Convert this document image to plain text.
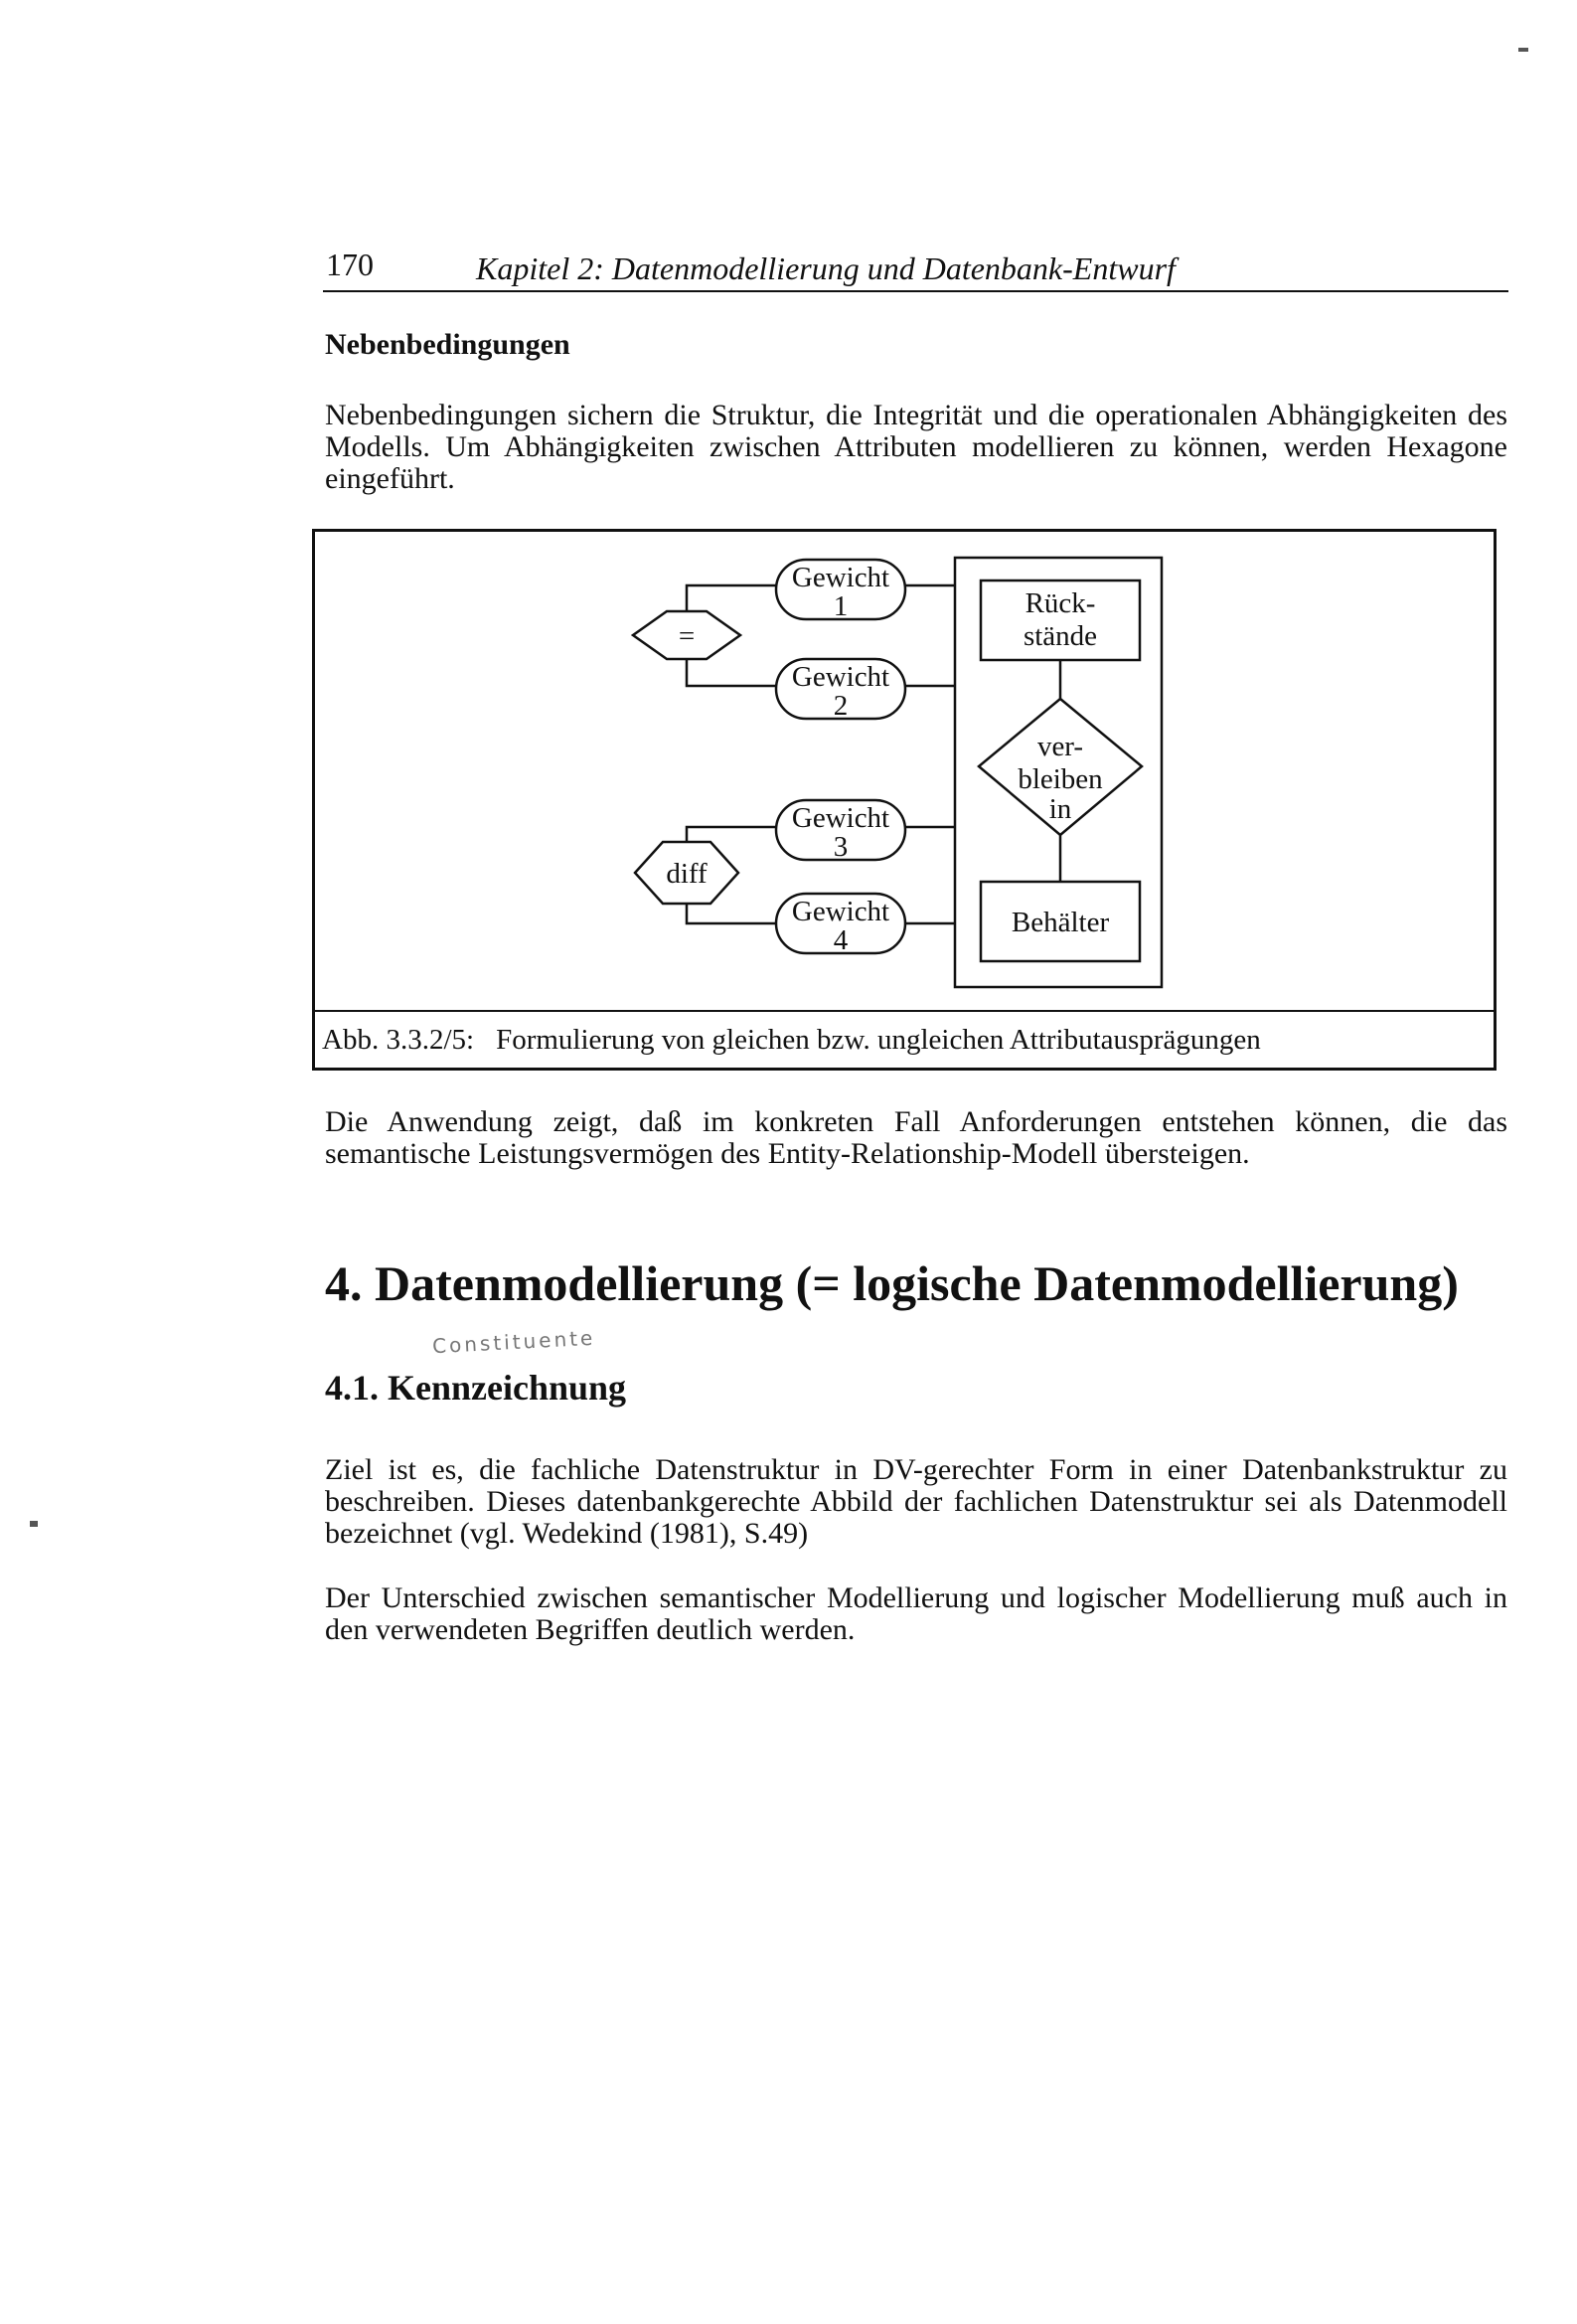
170	Kapitel 2: Datenmodellierung und Datenbank-Entwurf
Nebenbedingungen

Nebenbedingungen sichern die Struktur, die Integrität und die operationalen Abhängigkeiten des Modells. Um Abhängigkeiten zwischen Attributen modellieren zu können, werden Hexagone eingeführt.

=
diff
Gewicht
1
Gewicht
2
Gewicht
3
Gewicht
4
Rück-
stände
ver-
bleiben
in
Behälter
Abb. 3.3.2/5: Formulierung von gleichen bzw. ungleichen Attributausprägungen

Die Anwendung zeigt, daß im konkreten Fall Anforderungen entstehen können, die das semantische Leistungsvermögen des Entity-Relationship-Modell übersteigen.

4. Datenmodellierung (= logische Datenmodellierung)
Constituente
4.1. Kennzeichnung

Ziel ist es, die fachliche Datenstruktur in DV-gerechter Form in einer Datenbankstruktur zu beschreiben. Dieses datenbankgerechte Abbild der fachlichen Datenstruktur sei als Datenmodell bezeichnet (vgl. Wedekind (1981), S.49)

Der Unterschied zwischen semantischer Modellierung und logischer Modellierung muß auch in den verwendeten Begriffen deutlich werden.
